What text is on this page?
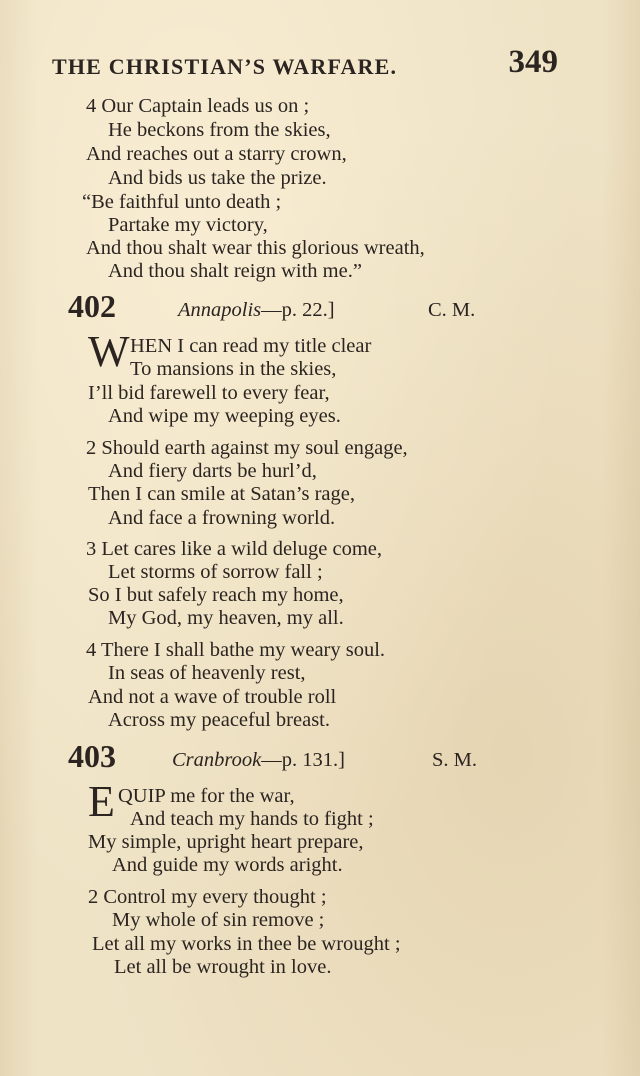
THE CHRISTIAN’S WARFARE.	349
4 Our Captain leads us on ;
He beckons from the skies,
And reaches out a starry crown,
And bids us take the prize.
“Be faithful unto death ;
Partake my victory,
And thou shalt wear this glorious wreath,
And thou shalt reign with me.”
402	Annapolis—p. 22.]	C. M.
W HEN I can read my title clear
To mansions in the skies,
I’ll bid farewell to every fear,
And wipe my weeping eyes.
2 Should earth against my soul engage,
And fiery darts be hurl’d,
Then I can smile at Satan’s rage,
And face a frowning world.
3 Let cares like a wild deluge come,
Let storms of sorrow fall ;
So I but safely reach my home,
My God, my heaven, my all.
4 There I shall bathe my weary soul.
In seas of heavenly rest,
And not a wave of trouble roll
Across my peaceful breast.
403	Cranbrook—p. 131.]	S. M.
E QUIP me for the war,
And teach my hands to fight ;
My simple, upright heart prepare,
And guide my words aright.
2 Control my every thought ;
My whole of sin remove ;
Let all my works in thee be wrought ;
Let all be wrought in love.
